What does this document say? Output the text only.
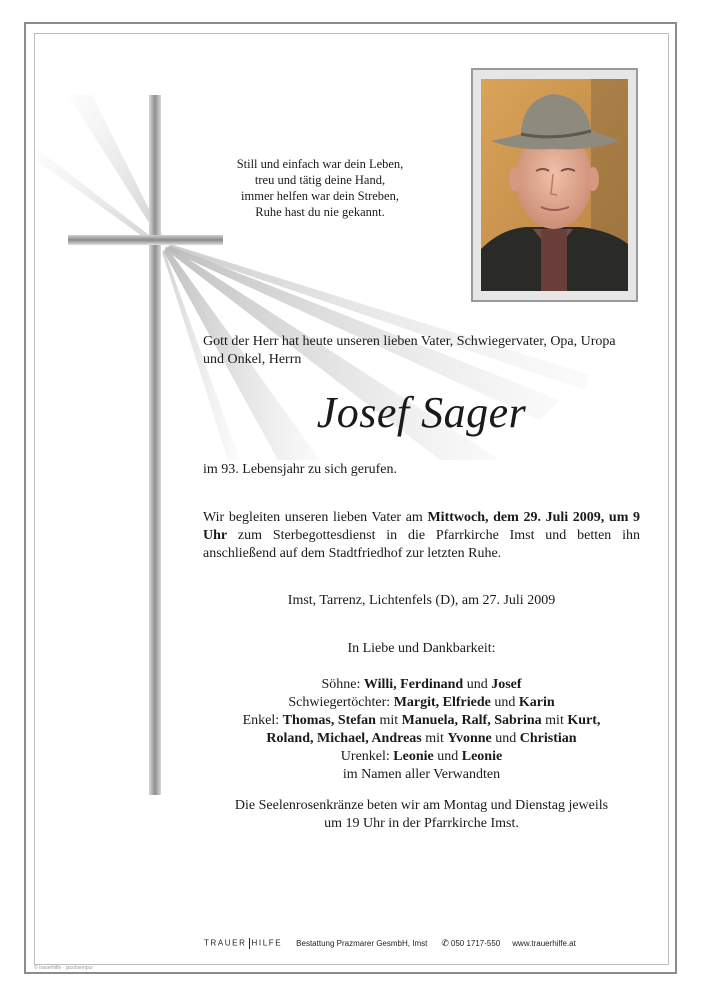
Still und einfach war dein Leben,
treu und tätig deine Hand,
immer helfen war dein Streben,
Ruhe hast du nie gekannt.
Gott der Herr hat heute unseren lieben Vater, Schwiegervater, Opa, Uropa
und Onkel, Herrn
Josef Sager
im 93. Lebensjahr zu sich gerufen.
Wir begleiten unseren lieben Vater am Mittwoch, dem 29. Juli 2009, um 9 Uhr zum Sterbegottesdienst in die Pfarrkirche Imst und betten ihn anschließend auf dem Stadtfriedhof zur letzten Ruhe.
Imst, Tarrenz, Lichtenfels (D), am 27. Juli 2009
In Liebe und Dankbarkeit:
Söhne: Willi, Ferdinand und Josef
Schwiegertöchter: Margit, Elfriede und Karin
Enkel: Thomas, Stefan mit Manuela, Ralf, Sabrina mit Kurt,
Roland, Michael, Andreas mit Yvonne und Christian
Urenkel: Leonie und Leonie
im Namen aller Verwandten
Die Seelenrosenkränze beten wir am Montag und Dienstag jeweils
um 19 Uhr in der Pfarrkirche Imst.
TRAUER HILFE Bestattung Prazmarer GesmbH, Imst ✆ 050 1717-550 www.trauerhilfe.at
© trauerhilfe · jacobsenpur
